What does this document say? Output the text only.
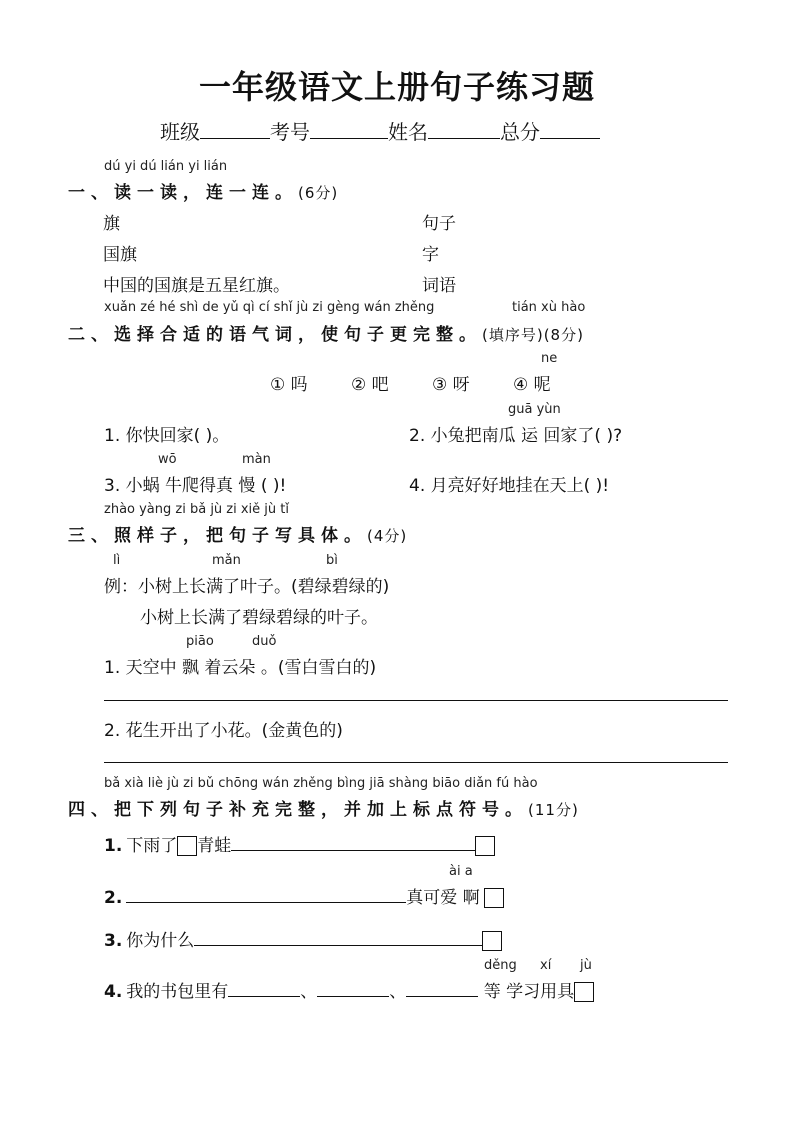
一年级语文上册句子练习题
班级	考号	姓名	总分
dú yi dú lián yi lián
一、读一读，连一连。(6分)
旗
国旗
中国的国旗是五星红旗。
句子
字
词语
xuǎn zé hé shì de yǔ qì cí shǐ jù zi gèng wán zhěng	tián xù hào
二、选择合适的语气词，使句子更完整。(填序号)(8分)
ne
① 吗	② 吧	③ 呀	④ 呢
guā yùn
1. 你快回家( )。	2. 小兔把南瓜 运 回家了( )?
wō	màn
3. 小蜗 牛爬得真 慢 ( )!	4. 月亮好好地挂在天上( )!
zhào yàng zi bǎ jù zi xiě jù tǐ
三、照样子，把句子写具体。(4分)
lì	mǎn	bì
例：小树上长满了叶子。(碧绿碧绿的)
小树上长满了碧绿碧绿的叶子。
piāo	duǒ
1. 天空中 飘 着云朵 。(雪白雪白的)
2. 花生开出了小花。(金黄色的)
bǎ xià liè jù zi bǔ chōng wán zhěng bìng jiā shàng biāo diǎn fú hào
四、把下列句子补充完整，并加上标点符号。(11分)
1. 下雨了 青蛙
ài a
2.	真可爱 啊
3. 你为什么
děng xí jù
4. 我的书包里有	、	、	等 学习用具
